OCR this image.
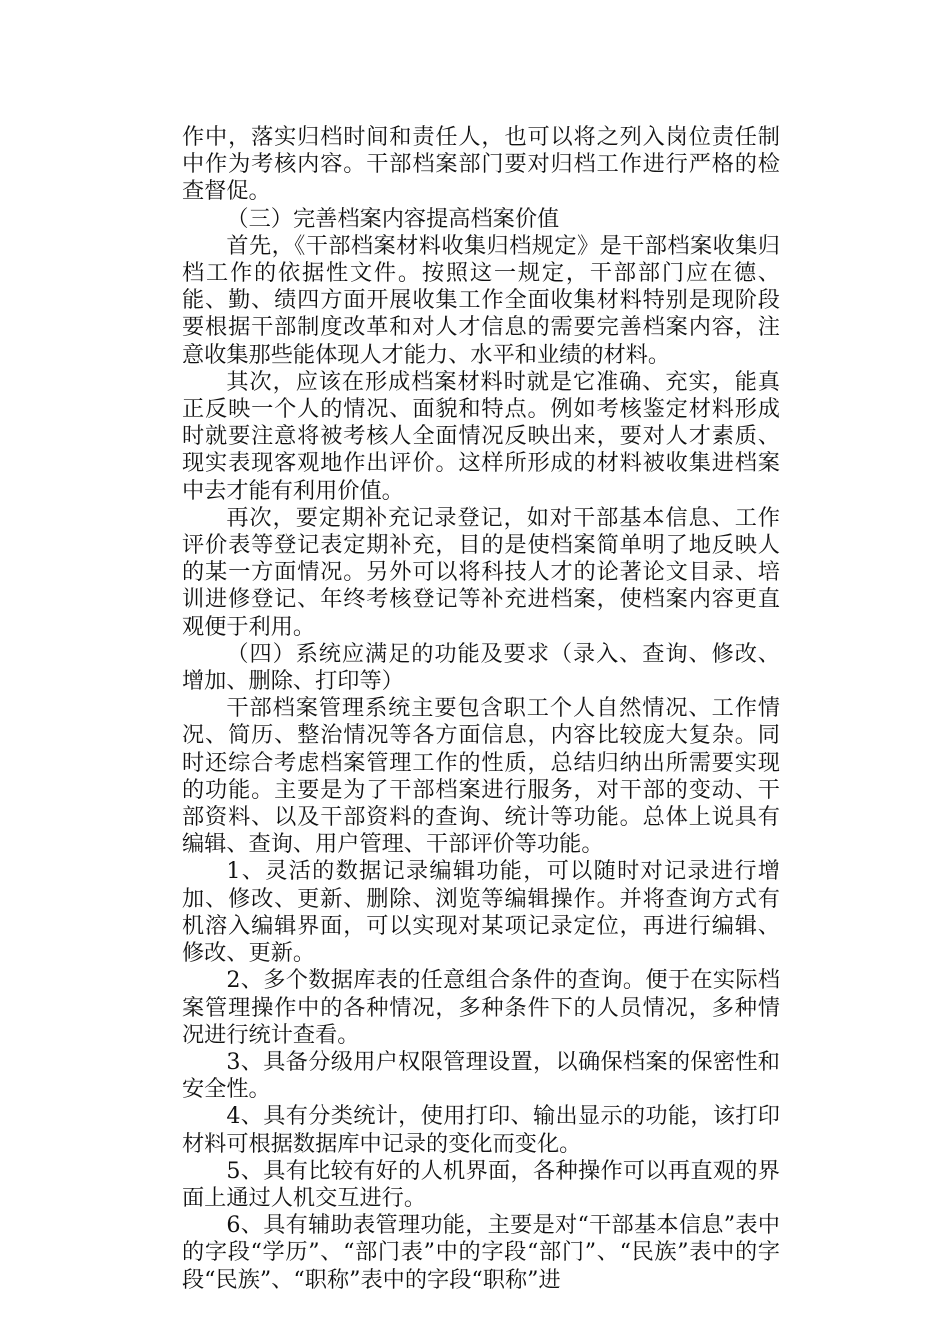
作中，落实归档时间和责任人，也可以将之列入岗位责任制中作为考核内容。干部档案部门要对归档工作进行严格的检查督促。

（三）完善档案内容提高档案价值

首先，《干部档案材料收集归档规定》是干部档案收集归档工作的依据性文件。按照这一规定，干部部门应在德、能、勤、绩四方面开展收集工作全面收集材料特别是现阶段要根据干部制度改革和对人才信息的需要完善档案内容，注意收集那些能体现人才能力、水平和业绩的材料。

其次，应该在形成档案材料时就是它准确、充实，能真正反映一个人的情况、面貌和特点。例如考核鉴定材料形成时就要注意将被考核人全面情况反映出来，要对人才素质、现实表现客观地作出评价。这样所形成的材料被收集进档案中去才能有利用价值。

再次，要定期补充记录登记，如对干部基本信息、工作评价表等登记表定期补充，目的是使档案简单明了地反映人的某一方面情况。另外可以将科技人才的论著论文目录、培训进修登记、年终考核登记等补充进档案，使档案内容更直观便于利用。

（四）系统应满足的功能及要求（录入、查询、修改、增加、删除、打印等）

干部档案管理系统主要包含职工个人自然情况、工作情况、简历、整治情况等各方面信息，内容比较庞大复杂。同时还综合考虑档案管理工作的性质，总结归纳出所需要实现的功能。主要是为了干部档案进行服务，对干部的变动、干部资料、以及干部资料的查询、统计等功能。总体上说具有编辑、查询、用户管理、干部评价等功能。

1、灵活的数据记录编辑功能，可以随时对记录进行增加、修改、更新、删除、浏览等编辑操作。并将查询方式有机溶入编辑界面，可以实现对某项记录定位，再进行编辑、修改、更新。

2、多个数据库表的任意组合条件的查询。便于在实际档案管理操作中的各种情况，多种条件下的人员情况，多种情况进行统计查看。

3、具备分级用户权限管理设置，以确保档案的保密性和安全性。

4、具有分类统计，使用打印、输出显示的功能，该打印材料可根据数据库中记录的变化而变化。

5、具有比较有好的人机界面，各种操作可以再直观的界面上通过人机交互进行。

6、具有辅助表管理功能，主要是对“干部基本信息”表中的字段“学历”、“部门表”中的字段“部门”、“民族”表中的字段“民族”、“职称”表中的字段“职称”进
